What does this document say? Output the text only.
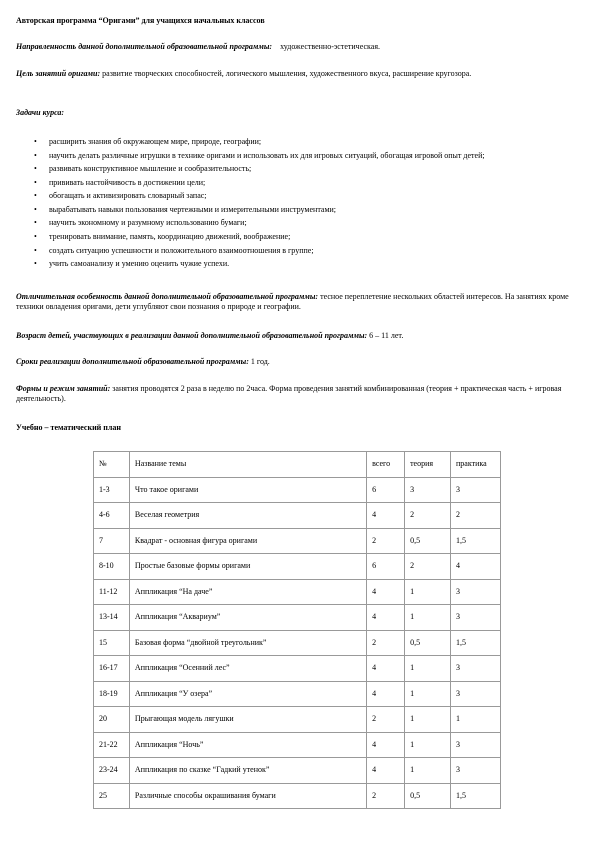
Авторская программа “Оригами” для учащихся начальных классов
Направленность данной дополнительной образовательной программы: художественно-эстетическая.
Цель занятий оригами: развитие творческих способностей, логического мышления, художественного вкуса, расширение кругозора.
Задачи курса:
• расширить знания об окружающем мире, природе, географии;
• научить делать различные игрушки в технике оригами и использовать их для игровых ситуаций, обогащая игровой опыт детей;
• развивать конструктивное мышление и сообразительность;
• прививать настойчивость в достижении цели;
• обогащать и активизировать словарный запас;
• вырабатывать навыки пользования чертежными и измерительными инструментами;
• научить экономному и разумному использованию бумаги;
• тренировать внимание, память, координацию движений, воображение;
• создать ситуацию успешности и положительного взаимоотношения в группе;
• учить самоанализу и умению оценить чужие успехи.
Отличительная особенность данной дополнительной образовательной программы: тесное переплетение нескольких областей интересов. На занятиях кроме техники овладения оригами, дети углубляют свои познания о природе и географии.
Возраст детей, участвующих в реализации данной дополнительной образовательной программы: 6 – 11 лет.
Сроки реализации дополнительной образовательной программы: 1 год.
Формы и режим занятий: занятия проводятся 2 раза в неделю по 2часа. Форма проведения занятий комбинированная (теория + практическая часть + игровая деятельность).
Учебно – тематический план
№	Название темы	всего	теория	практика
1-3	Что такое оригами	6	3	3
4-6	Веселая геометрия	4	2	2
7	Квадрат - основная фигура оригами	2	0,5	1,5
8-10	Простые базовые формы оригами	6	2	4
11-12	Аппликация “На даче”	4	1	3
13-14	Аппликация “Аквариум”	4	1	3
15	Базовая форма “двойной треугольник”	2	0,5	1,5
16-17	Аппликация “Осенний лес”	4	1	3
18-19	Аппликация “У озера”	4	1	3
20	Прыгающая модель лягушки	2	1	1
21-22	Аппликация “Ночь”	4	1	3
23-24	Аппликация по сказке “Гадкий утенок”	4	1	3
25	Различные способы окрашивания бумаги	2	0,5	1,5
